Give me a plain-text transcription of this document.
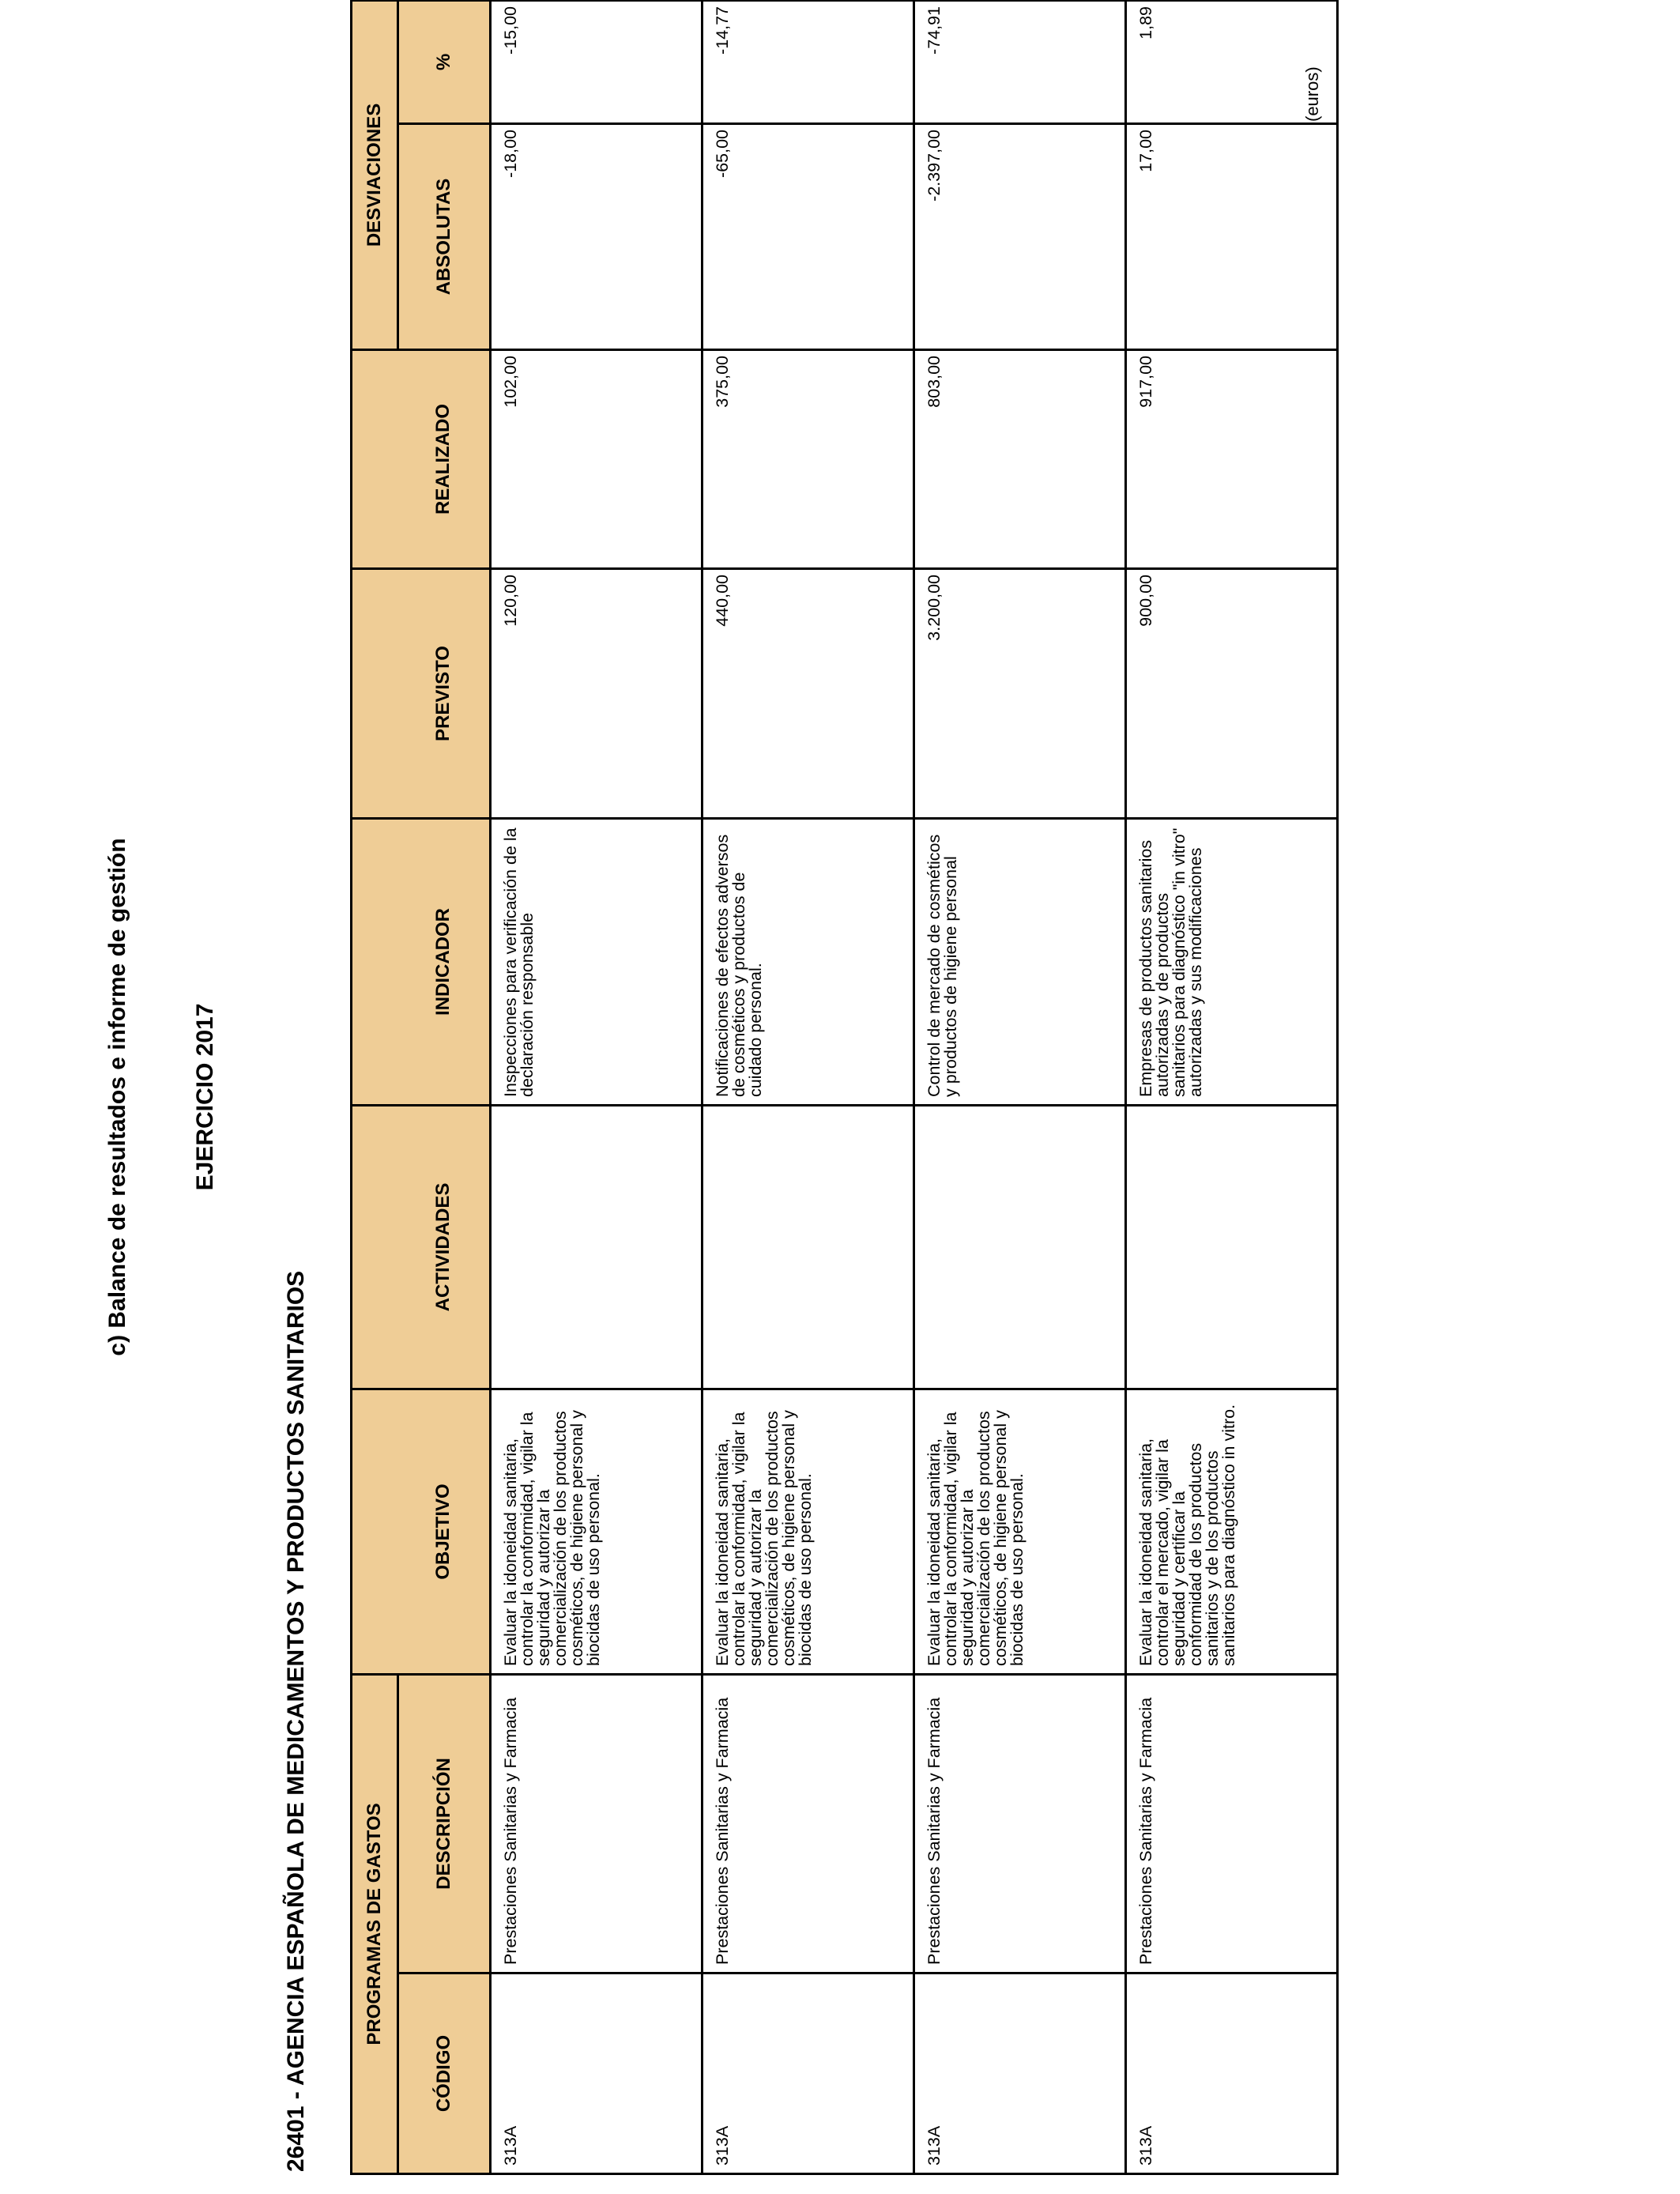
c) Balance de resultados e informe de gestión	EJERCICIO 2017
26401 - AGENCIA ESPAÑOLA DE MEDICAMENTOS Y PRODUCTOS SANITARIOS
(euros)
PROGRAMAS DE GASTOS							DESVIACIONES	
CÓDIGO	DESCRIPCIÓN	OBJETIVO	ACTIVIDADES	INDICADOR	PREVISTO	REALIZADO	ABSOLUTAS	%
313A	Prestaciones Sanitarias y Farmacia	Evaluar la idoneidad sanitaria, controlar la conformidad, vigilar la seguridad y autorizar la comercialización de los productos cosméticos, de higiene personal y biocidas de uso personal.		Inspecciones para verificación de la declaración responsable	120,00	102,00	-18,00	-15,00
313A	Prestaciones Sanitarias y Farmacia	Evaluar la idoneidad sanitaria, controlar la conformidad, vigilar la seguridad y autorizar la comercialización de los productos cosméticos, de higiene personal y biocidas de uso personal.		Notificaciones de efectos adversos de cosméticos y productos de cuidado personal.	440,00	375,00	-65,00	-14,77
313A	Prestaciones Sanitarias y Farmacia	Evaluar la idoneidad sanitaria, controlar la conformidad, vigilar la seguridad y autorizar la comercialización de los productos cosméticos, de higiene personal y biocidas de uso personal.		Control de mercado de cosméticos y productos de higiene personal	3.200,00	803,00	-2.397,00	-74,91
313A	Prestaciones Sanitarias y Farmacia	Evaluar la idoneidad sanitaria, controlar el mercado, vigilar la seguridad y certificar la conformidad de los productos sanitarios y de los productos sanitarios para diagnóstico in vitro.		Empresas de productos sanitarios autorizadas y de productos sanitarios para diagnóstico "in vitro" autorizadas y sus modificaciones	900,00	917,00	17,00	1,89
